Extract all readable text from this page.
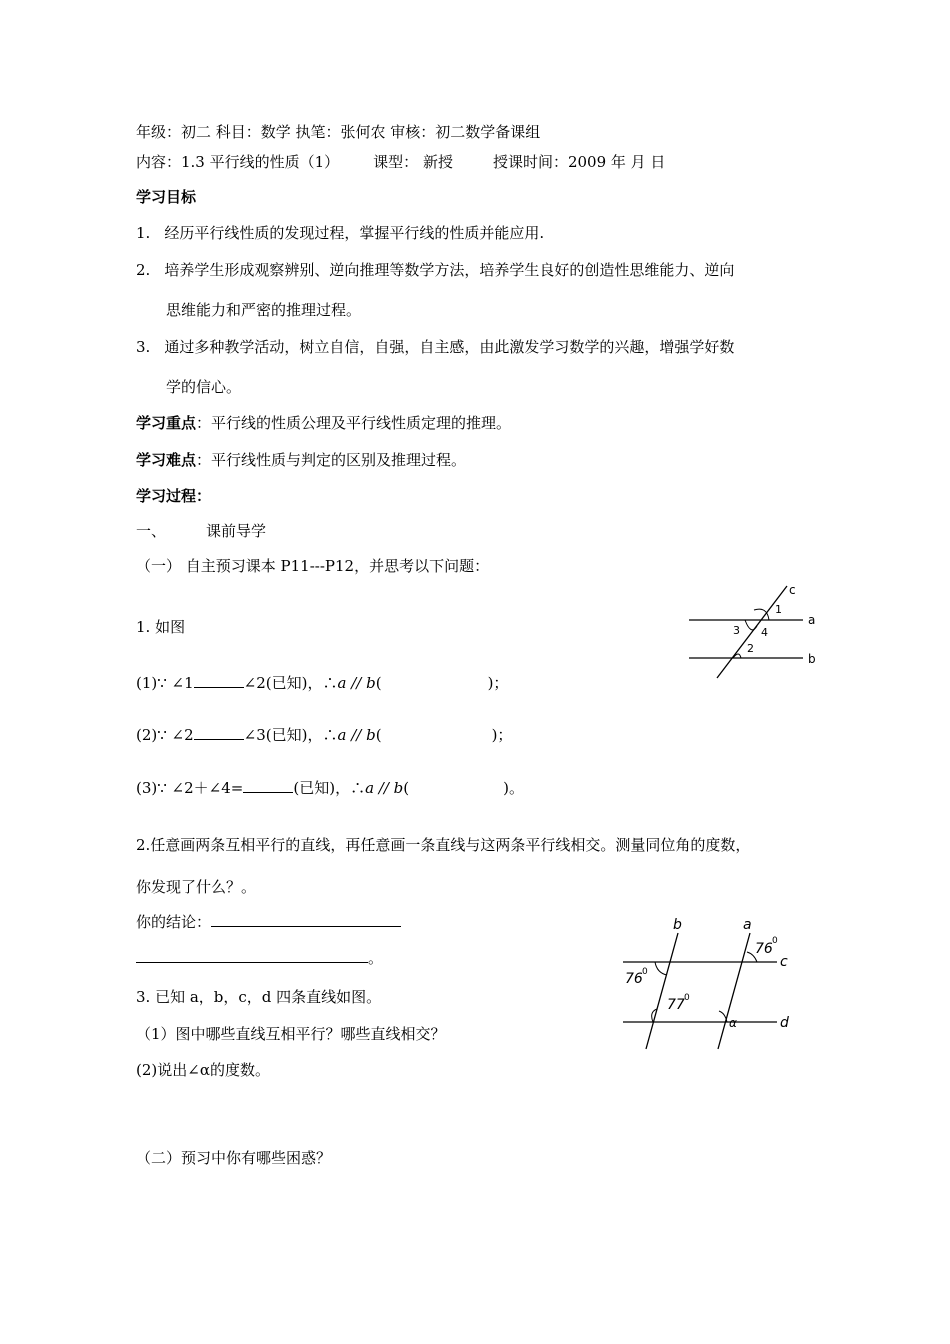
年级：初二 科目：数学 执笔：张何农 审核：初二数学备课组
内容：1.3 平行线的性质（1） 课型： 新授	授课时间：2009 年 月 日
学习目标
1. 经历平行线性质的发现过程，掌握平行线的性质并能应用.
2. 培养学生形成观察辨别、逆向推理等数学方法，培养学生良好的创造性思维能力、逆向
思维能力和严密的推理过程。
3. 通过多种教学活动，树立自信，自强，自主感，由此激发学习数学的兴趣，增强学好数
学的信心。
学习重点：平行线的性质公理及平行线性质定理的推理。
学习难点：平行线性质与判定的区别及推理过程。
学习过程：
一、	课前导学
（一） 自主预习课本 P11---P12，并思考以下问题：
1. 如图
(1)∵ ∠1	∠2(已知)，∴a // b(	)；
(2)∵ ∠2	∠3(已知)，∴a // b(	)；
(3)∵ ∠2＋∠4=	(已知)，∴a // b(	)。
2.任意画两条互相平行的直线，再任意画一条直线与这两条平行线相交。测量同位角的度数，
你发现了什么？。
你的结论：
。
3. 已知 a，b，c，d 四条直线如图。
（1）图中哪些直线互相平行？哪些直线相交？
(2)说出∠α的度数。
（二）预习中你有哪些困惑？
c
a
b
1
3 4
2
b	a
c
d
76 0
76 0
77 0
α
